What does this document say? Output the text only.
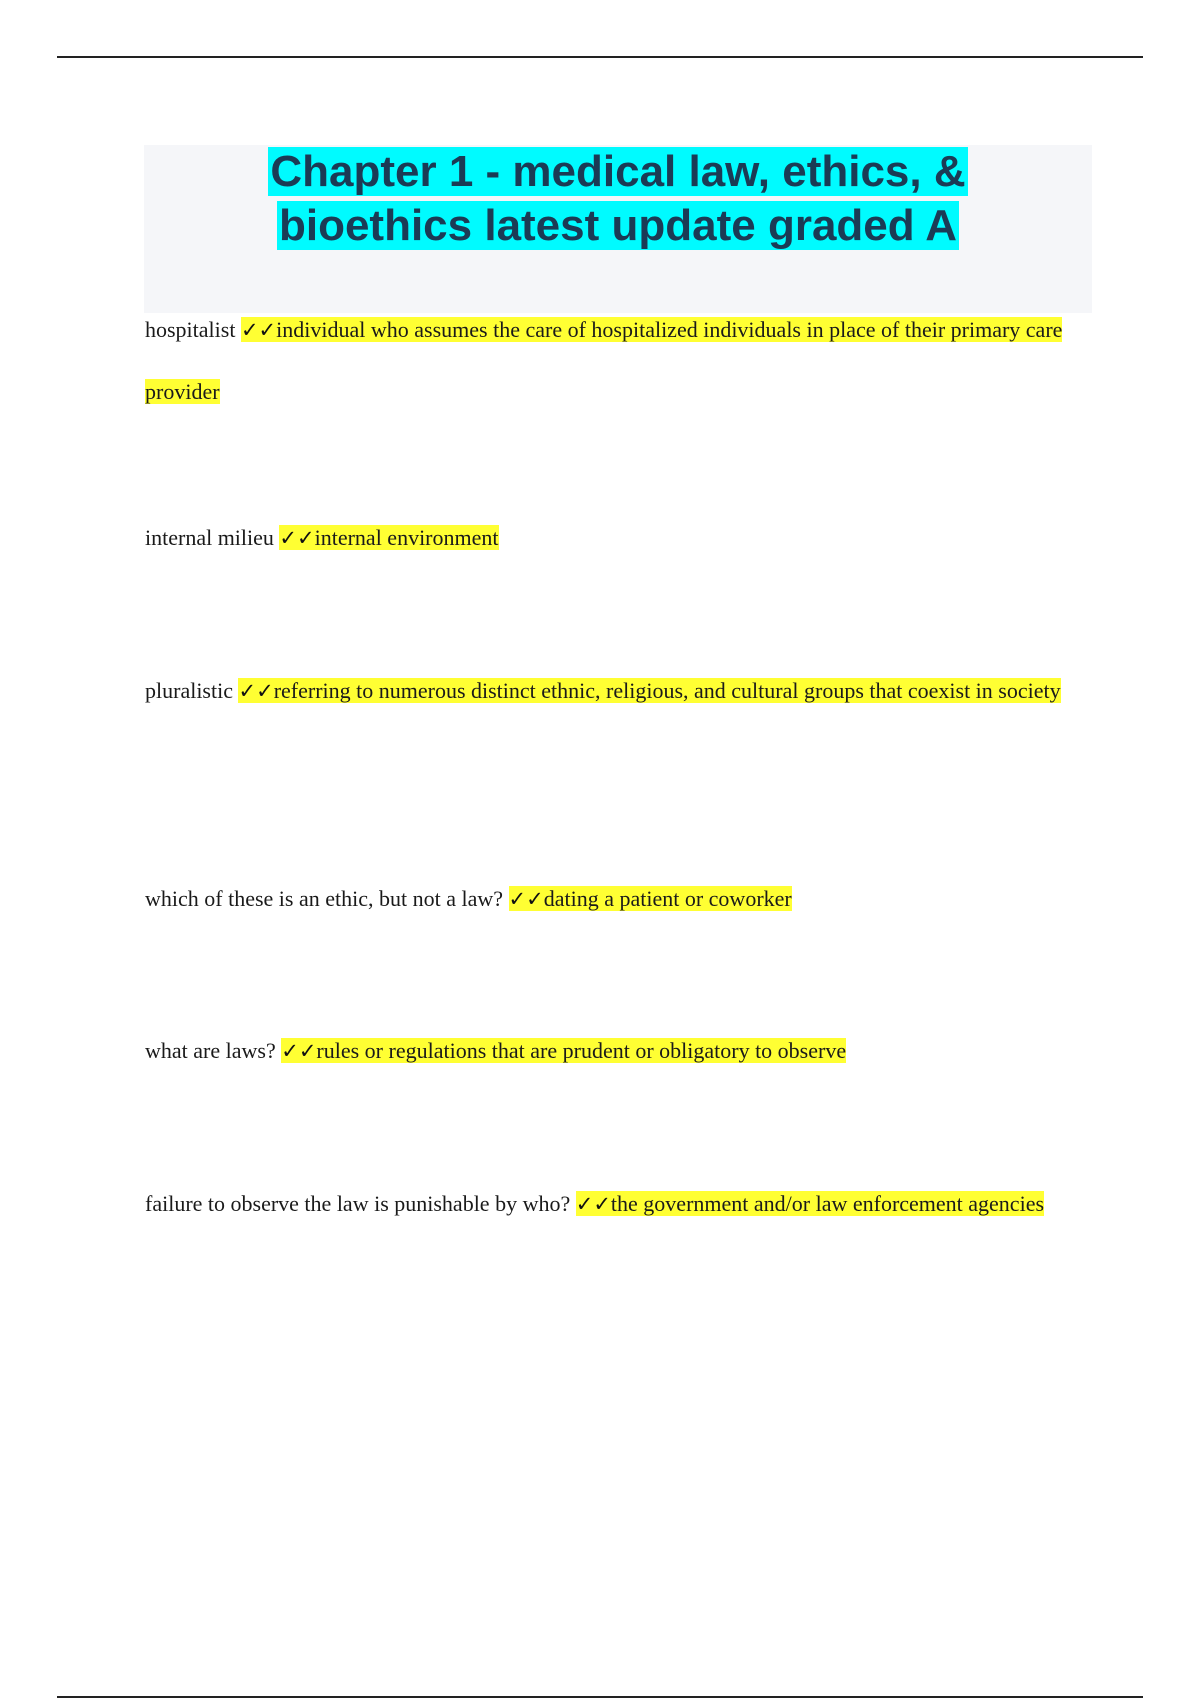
Chapter 1 - medical law, ethics, &
bioethics latest update graded A

hospitalist ✓✓individual who assumes the care of hospitalized individuals in place of their primary care provider

internal milieu ✓✓internal environment

pluralistic ✓✓referring to numerous distinct ethnic, religious, and cultural groups that coexist in society

which of these is an ethic, but not a law? ✓✓dating a patient or coworker

what are laws? ✓✓rules or regulations that are prudent or obligatory to observe

failure to observe the law is punishable by who? ✓✓the government and/or law enforcement agencies
